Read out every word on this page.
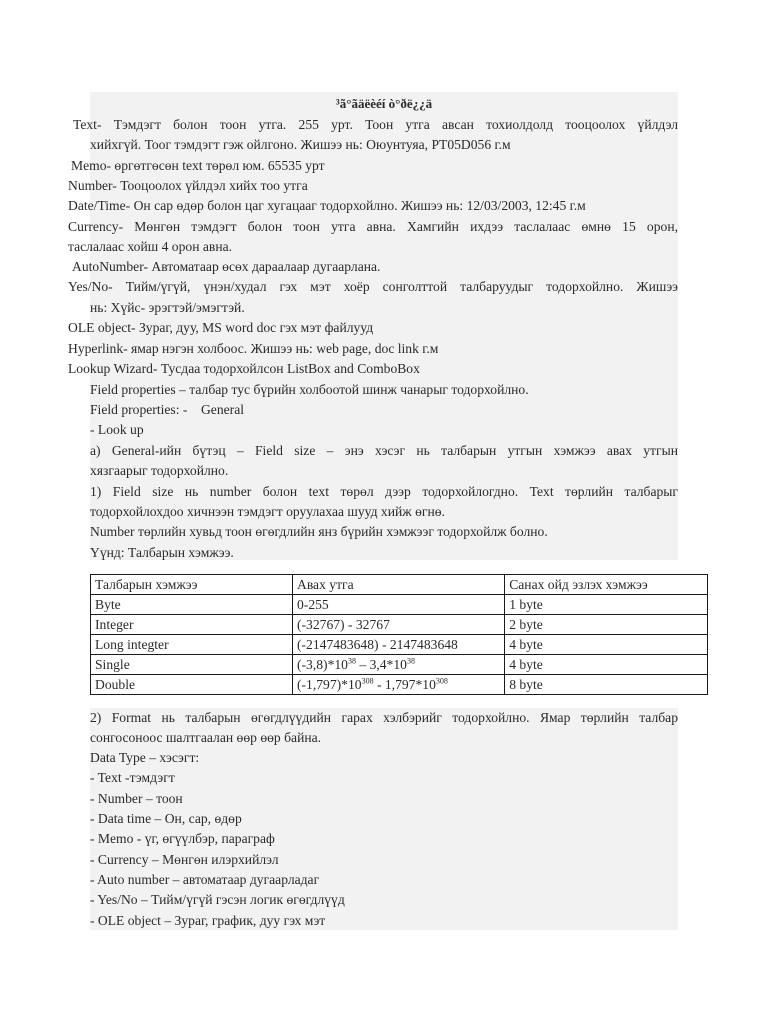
³ã°ãäëèéí ò°ðë¿¿ä
Text- Тэмдэгт болон тоон утга. 255 урт. Тоон утга авсан тохиолдолд тооцоолох үйлдэл
хийхгүй. Тоог тэмдэгт гэж ойлгоно. Жишээ нь: Оюунтуяа, PT05D056 г.м
Memo- өргөтгөсөн text төрөл юм. 65535 урт
Number- Тооцоолох үйлдэл хийх тоо утга
Date/Time- Он сар өдөр болон цаг хугацааг тодорхойлно. Жишээ нь: 12/03/2003, 12:45 г.м
Currency- Мөнгөн тэмдэгт болон тоон утга авна. Хамгийн ихдээ таслалаас өмнө 15 орон,
таслалаас хойш 4 орон авна.
AutoNumber- Автоматаар өсөх дараалаар дугаарлана.
Yes/No- Тийм/үгүй, үнэн/худал гэх мэт хоёр сонголттой талбаруудыг тодорхойлно. Жишээ
нь: Хүйс- эрэгтэй/эмэгтэй.
OLE object- Зураг, дуу, MS word doc гэх мэт файлууд
Hyperlink- ямар нэгэн холбоос. Жишээ нь: web page, doc link г.м
Lookup Wizard- Тусдаа тодорхойлсон ListBox and ComboBox
Field properties – талбар тус бүрийн холбоотой шинж чанарыг тодорхойлно.
Field properties: -    General
- Look up
a) General-ийн бүтэц – Field size – энэ хэсэг нь талбарын утгын хэмжээ авах утгын
хязгаарыг тодорхойлно.
1) Field size нь number болон text төрөл дээр тодорхойлогдно. Text төрлийн талбарыг
тодорхойлохдоо хичнээн тэмдэгт оруулахаа шууд хийж өгнө.
Number төрлийн хувьд тоон өгөгдлийн янз бүрийн хэмжээг тодорхойлж болно.
Үүнд: Талбарын хэмжээ.
Талбарын хэмжээ	Авах утга	Санах ойд эзлэх хэмжээ
Byte	0-255	1 byte
Integer	(-32767) - 32767	2 byte
Long integter	(-2147483648) - 2147483648	4 byte
Single	$(-3,8)*10^{38} - 3,4*10^{38}$	4 byte
Double	$(-1,797)*10^{308} - 1,797*10^{308}$	8 byte
2) Format нь талбарын өгөгдлүүдийн гарах хэлбэрийг тодорхойлно. Ямар төрлийн талбар
сонгосоноос шалтгаалан өөр өөр байна.
Data Type – хэсэгт:
- Text -тэмдэгт
- Number – тоон
- Data time – Он, сар, өдөр
- Memo - үг, өгүүлбэр, параграф
- Currency – Мөнгөн илэрхийлэл
- Auto number – автоматаар дугаарладаг
- Yes/No – Тийм/үгүй гэсэн логик өгөгдлүүд
- OLE object – Зураг, график, дуу гэх мэт
